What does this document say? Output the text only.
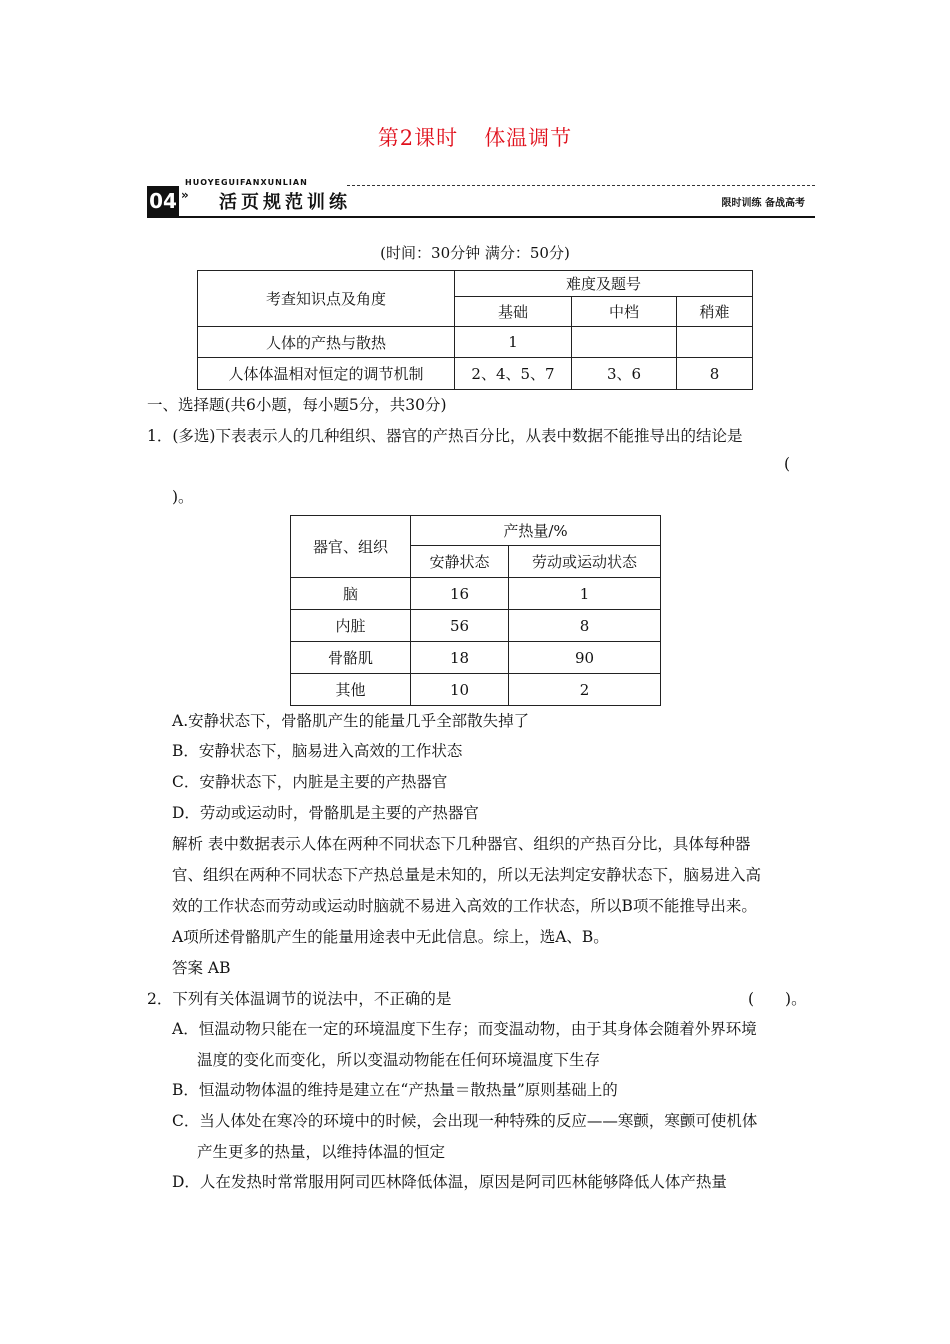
第2课时 体温调节
HUOYEGUIFANXUNLIAN
04 » 活页规范训练	限时训练 备战高考
(时间：30分钟 满分：50分)
考查知识点及角度	难度及题号		
	基础	中档	稍难
人体的产热与散热	1		
人体体温相对恒定的调节机制	2、4、5、7	3、6	8
一、选择题(共6小题，每小题5分，共30分)
1．(多选)下表表示人的几种组织、器官的产热百分比，从表中数据不能推导出的结论是
(
)。
器官、组织	产热量/%	
	安静状态	劳动或运动状态
脑	16	1
内脏	56	8
骨骼肌	18	90
其他	10	2
A.安静状态下，骨骼肌产生的能量几乎全部散失掉了
B．安静状态下，脑易进入高效的工作状态
C．安静状态下，内脏是主要的产热器官
D．劳动或运动时，骨骼肌是主要的产热器官
解析 表中数据表示人体在两种不同状态下几种器官、组织的产热百分比，具体每种器
官、组织在两种不同状态下产热总量是未知的，所以无法判定安静状态下，脑易进入高
效的工作状态而劳动或运动时脑就不易进入高效的工作状态，所以B项不能推导出来。
A项所述骨骼肌产生的能量用途表中无此信息。综上，选A、B。
答案 AB
2．下列有关体温调节的说法中，不正确的是	(　　)。
A．恒温动物只能在一定的环境温度下生存；而变温动物，由于其身体会随着外界环境
温度的变化而变化，所以变温动物能在任何环境温度下生存
B．恒温动物体温的维持是建立在“产热量＝散热量”原则基础上的
C．当人体处在寒冷的环境中的时候，会出现一种特殊的反应——寒颤，寒颤可使机体
产生更多的热量，以维持体温的恒定
D．人在发热时常常服用阿司匹林降低体温，原因是阿司匹林能够降低人体产热量
